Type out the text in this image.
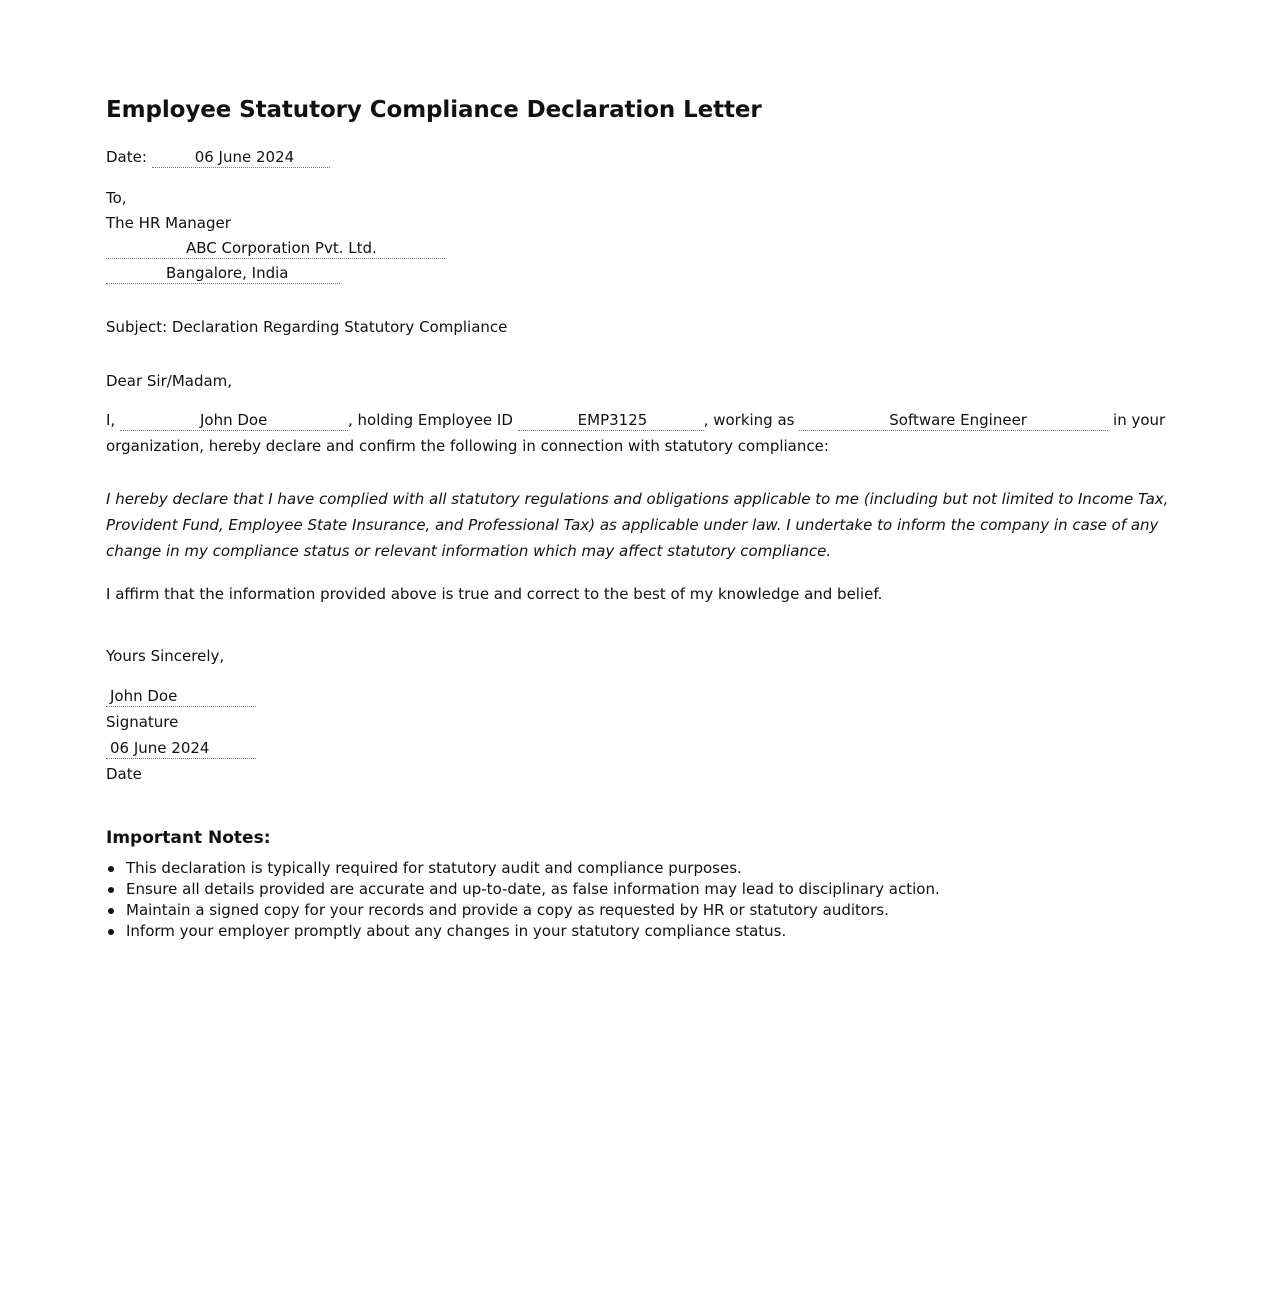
Employee Statutory Compliance Declaration Letter
Date:	06 June 2024
To,
The HR Manager
ABC Corporation Pvt. Ltd.
Bangalore, India
Subject: Declaration Regarding Statutory Compliance
Dear Sir/Madam,
I,	John Doe	, holding Employee ID	EMP3125	, working as	Software Engineer	in your organization, hereby declare and confirm the following in connection with statutory compliance:
I hereby declare that I have complied with all statutory regulations and obligations applicable to me (including but not limited to Income Tax, Provident Fund, Employee State Insurance, and Professional Tax) as applicable under law. I undertake to inform the company in case of any change in my compliance status or relevant information which may affect statutory compliance.
I affirm that the information provided above is true and correct to the best of my knowledge and belief.
Yours Sincerely,
John Doe
Signature
06 June 2024
Date
Important Notes:
This declaration is typically required for statutory audit and compliance purposes.
Ensure all details provided are accurate and up-to-date, as false information may lead to disciplinary action.
Maintain a signed copy for your records and provide a copy as requested by HR or statutory auditors.
Inform your employer promptly about any changes in your statutory compliance status.
